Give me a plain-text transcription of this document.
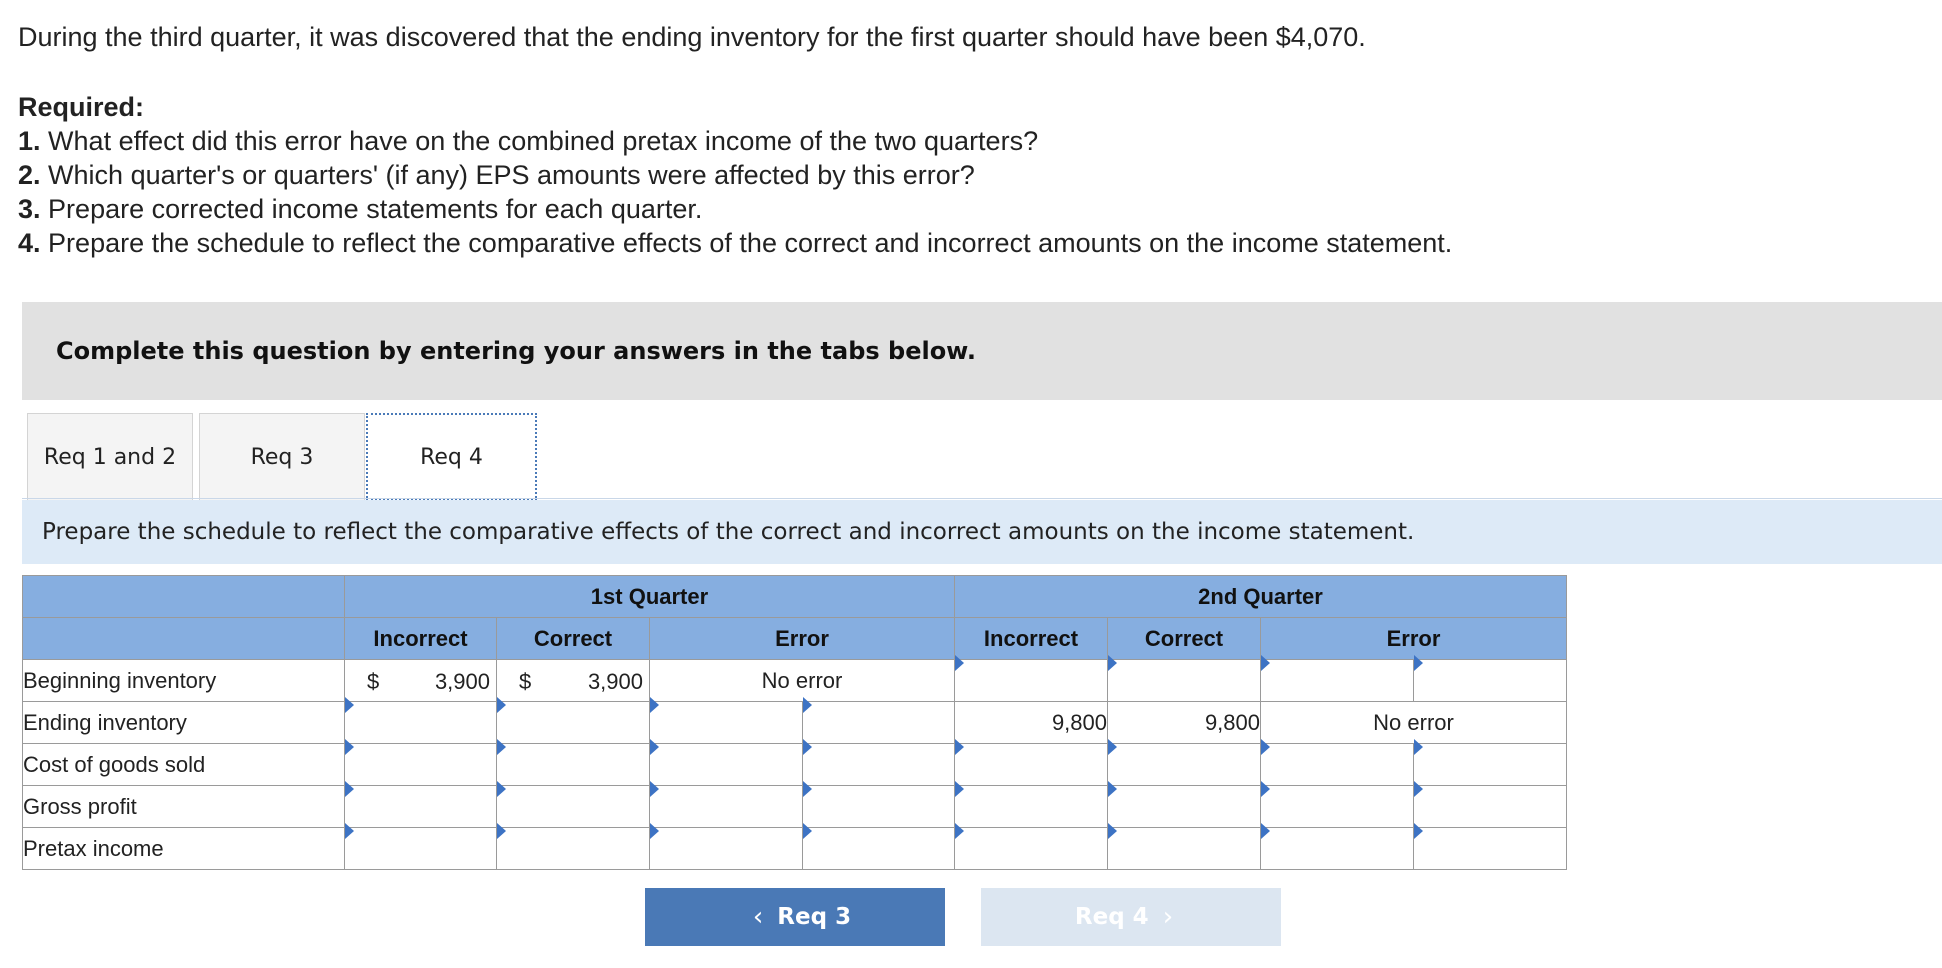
During the third quarter, it was discovered that the ending inventory for the first quarter should have been $4,070.
Required:
1. What effect did this error have on the combined pretax income of the two quarters?
2. Which quarter's or quarters' (if any) EPS amounts were affected by this error?
3. Prepare corrected income statements for each quarter.
4. Prepare the schedule to reflect the comparative effects of the correct and incorrect amounts on the income statement.
Complete this question by entering your answers in the tabs below.
Req 1 and 2	Req 3	Req 4
Prepare the schedule to reflect the comparative effects of the correct and incorrect amounts on the income statement.
	1st Quarter				2nd Quarter			
	Incorrect	Correct	Error		Incorrect	Correct	Error	
Beginning inventory	$ 3,900	$ 3,900	No error					
Ending inventory					9,800	9,800	No error	
Cost of goods sold								
Gross profit								
Pretax income								
‹ Req 3	Req 4 ›
